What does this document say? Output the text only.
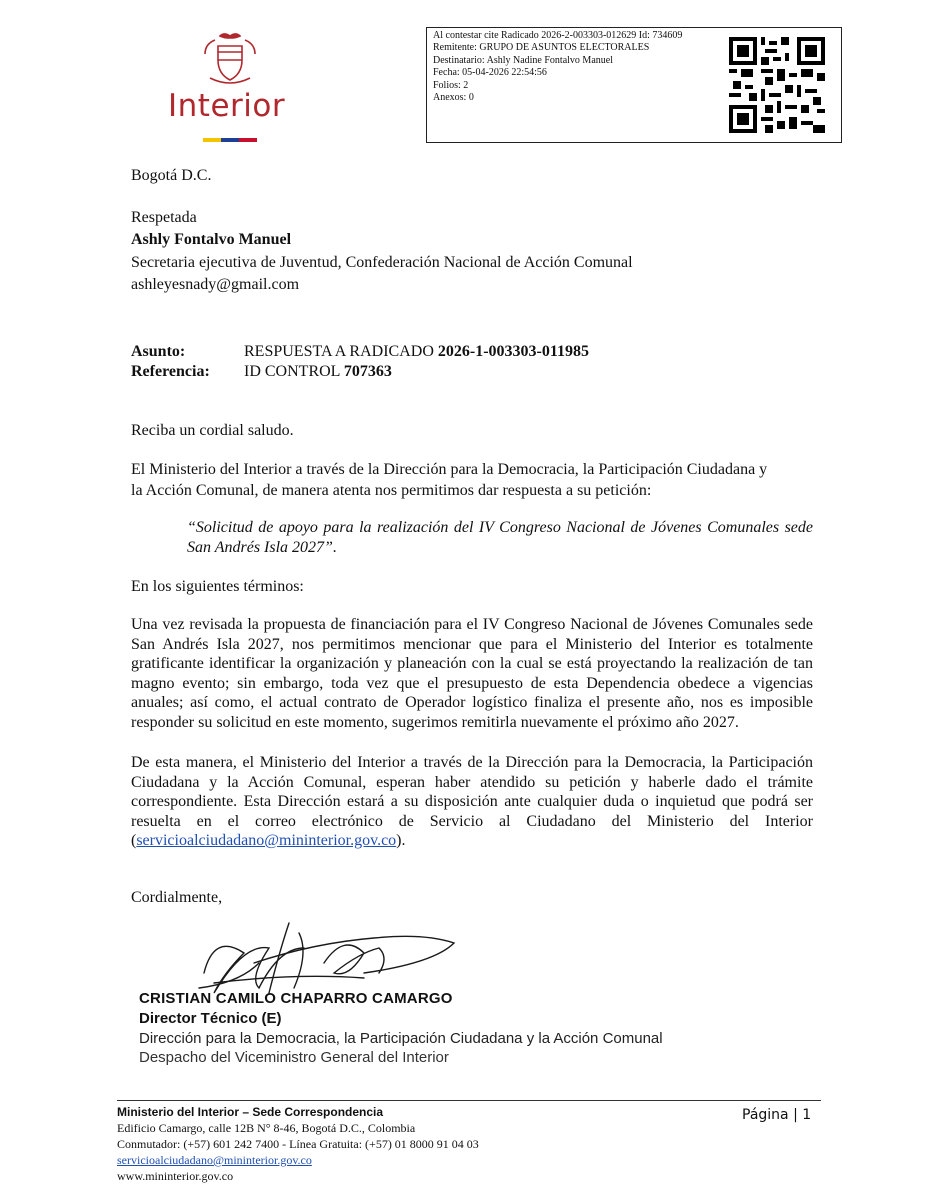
Interior
Al contestar cite Radicado 2026-2-003303-012629 Id: 734609
Remitente: GRUPO DE ASUNTOS ELECTORALES
Destinatario: Ashly Nadine Fontalvo Manuel
Fecha: 05-04-2026 22:54:56
Folios: 2
Anexos: 0
Bogotá D.C.
Respetada
Ashly Fontalvo Manuel
Secretaria ejecutiva de Juventud, Confederación Nacional de Acción Comunal
ashleyesnady@gmail.com
Asunto:	RESPUESTA A RADICADO 2026-1-003303-011985
Referencia: ID CONTROL 707363
Reciba un cordial saludo.
El Ministerio del Interior a través de la Dirección para la Democracia, la Participación Ciudadana y
la Acción Comunal, de manera atenta nos permitimos dar respuesta a su petición:
“Solicitud de apoyo para la realización del IV Congreso Nacional de Jóvenes Comunales sede San Andrés Isla 2027”.
En los siguientes términos:
Una vez revisada la propuesta de financiación para el IV Congreso Nacional de Jóvenes Comunales sede San Andrés Isla 2027, nos permitimos mencionar que para el Ministerio del Interior es totalmente gratificante identificar la organización y planeación con la cual se está proyectando la realización de tan magno evento; sin embargo, toda vez que el presupuesto de esta Dependencia obedece a vigencias anuales; así como, el actual contrato de Operador logístico finaliza el presente año, nos es imposible responder su solicitud en este momento, sugerimos remitirla nuevamente el próximo año 2027.
De esta manera, el Ministerio del Interior a través de la Dirección para la Democracia, la Participación Ciudadana y la Acción Comunal, esperan haber atendido su petición y haberle dado el trámite correspondiente. Esta Dirección estará a su disposición ante cualquier duda o inquietud que podrá ser resuelta en el correo electrónico de Servicio al Ciudadano del Ministerio del Interior (servicioalciudadano@mininterior.gov.co).
Cordialmente,
CRISTIAN CAMILO CHAPARRO CAMARGO
Director Técnico (E)
Dirección para la Democracia, la Participación Ciudadana y la Acción Comunal
Despacho del Viceministro General del Interior
Ministerio del Interior – Sede Correspondencia
Edificio Camargo, calle 12B N° 8-46, Bogotá D.C., Colombia
Conmutador: (+57) 601 242 7400 - Línea Gratuita: (+57) 01 8000 91 04 03
servicioalciudadano@mininterior.gov.co
www.mininterior.gov.co
Página | 1
